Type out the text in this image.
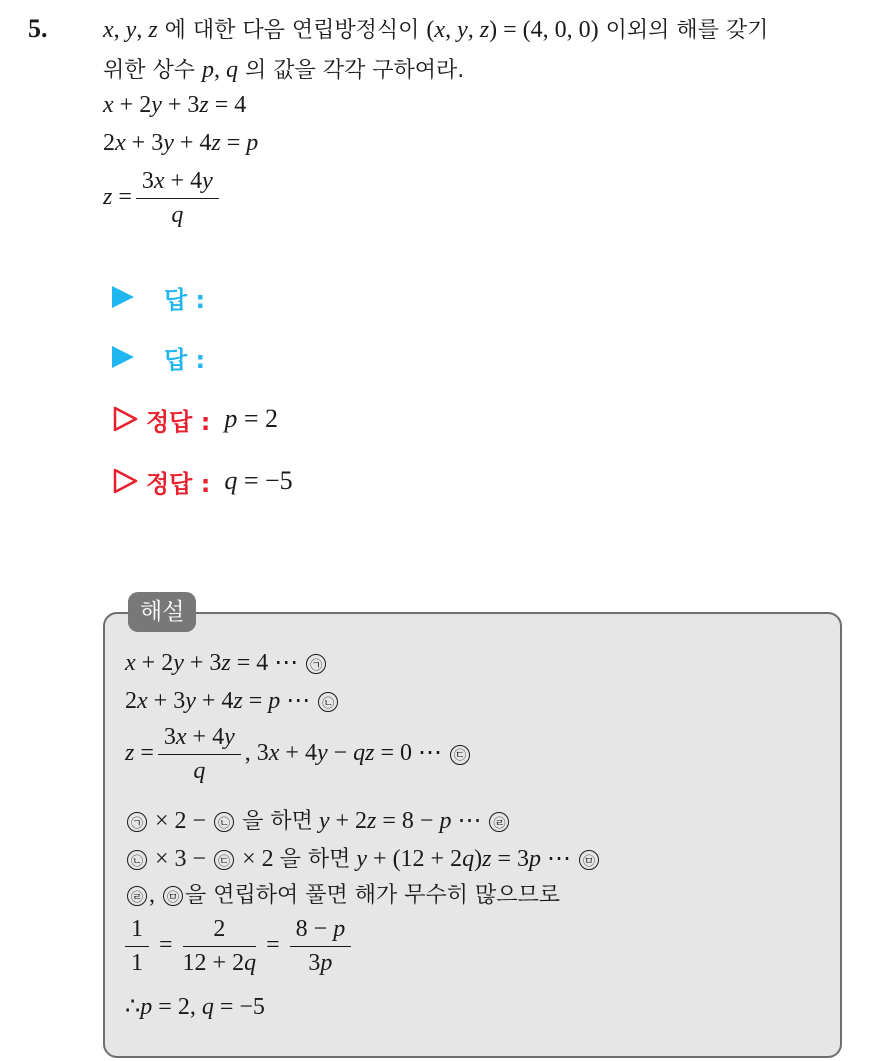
5. x, y, z 에 대한 다음 연립방정식이 (x, y, z) = (4, 0, 0) 이외의 해를 갖기
위한 상수 p, q 의 값을 각각 구하여라.
x + 2y + 3z = 4
2x + 3y + 4z = p
$z = \frac{3x + 4y}{q}$
답 :
답 :
정답 : p = 2
정답 : q = −5
해설
x + 2y + 3z = 4 ⋯ ㉠
2x + 3y + 4z = p ⋯ ㉡
$z = \frac{3x + 4y}{q}$ , 3x + 4y − qz = 0 ⋯ ㉢
㉠ × 2 − ㉡ 을 하면 y + 2z = 8 − p ⋯ ㉣
㉡ × 3 − ㉢ × 2 을 하면 y + (12 + 2q)z = 3p ⋯ ㉤
㉣ , ㉤ 을 연립하여 풀면 해가 무수히 많으므로
$\frac{1}{1} = \frac{2}{12 + 2q} = \frac{8 - p}{3p}$
∴p = 2, q = −5
